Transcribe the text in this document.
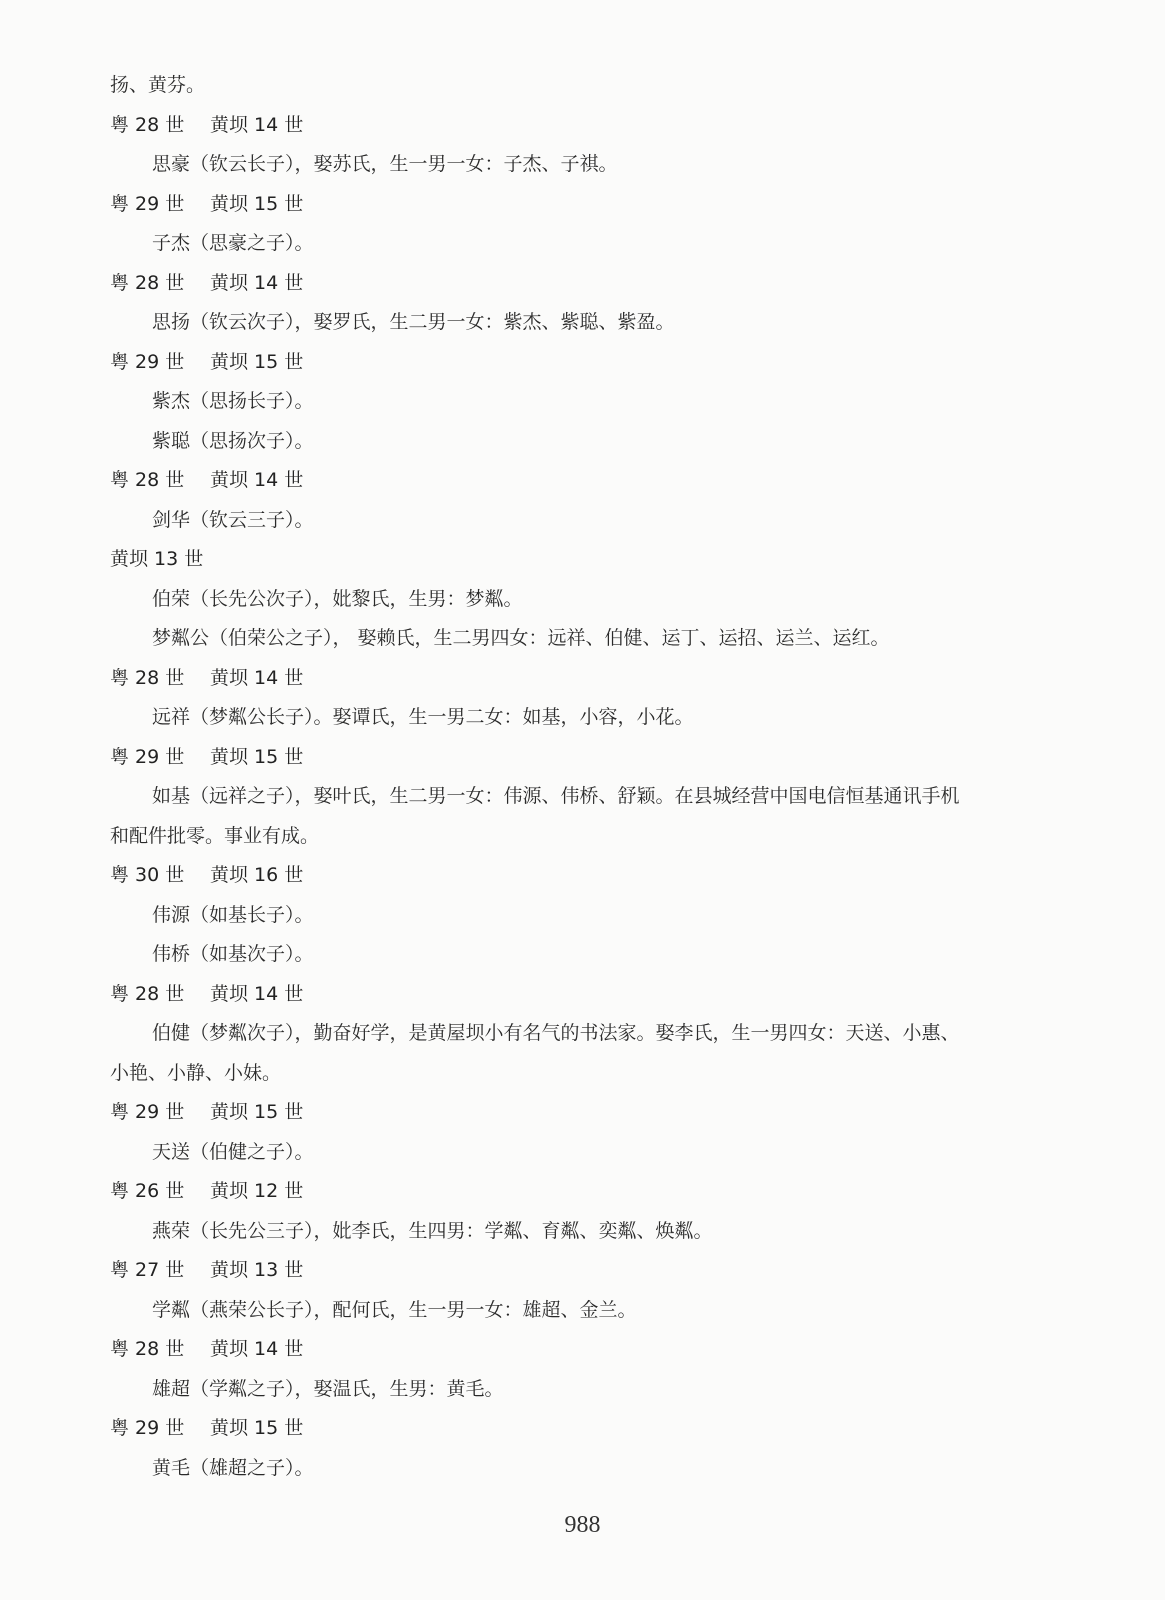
扬、黄芬。

粤 28 世 黄坝 14 世

思豪（钦云长子），娶苏氏，生一男一女：子杰、子祺。

粤 29 世 黄坝 15 世

子杰（思豪之子）。

粤 28 世 黄坝 14 世

思扬（钦云次子），娶罗氏，生二男一女：紫杰、紫聪、紫盈。

粤 29 世 黄坝 15 世

紫杰（思扬长子）。

紫聪（思扬次子）。

粤 28 世 黄坝 14 世

剑华（钦云三子）。

黄坝 13 世

伯荣（长先公次子），妣黎氏，生男：梦粼。

梦粼公（伯荣公之子）， 娶赖氏，生二男四女：远祥、伯健、运丁、运招、运兰、运红。

粤 28 世 黄坝 14 世

远祥（梦粼公长子）。娶谭氏，生一男二女：如基，小容，小花。

粤 29 世 黄坝 15 世

如基（远祥之子），娶叶氏，生二男一女：伟源、伟桥、舒颖。在县城经营中国电信恒基通讯手机

和配件批零。事业有成。

粤 30 世 黄坝 16 世

伟源（如基长子）。

伟桥（如基次子）。

粤 28 世 黄坝 14 世

伯健（梦粼次子），勤奋好学，是黄屋坝小有名气的书法家。娶李氏，生一男四女：天送、小惠、

小艳、小静、小妹。

粤 29 世 黄坝 15 世

天送（伯健之子）。

粤 26 世 黄坝 12 世

燕荣（长先公三子），妣李氏，生四男：学粼、育粼、奕粼、焕粼。

粤 27 世 黄坝 13 世

学粼（燕荣公长子），配何氏，生一男一女：雄超、金兰。

粤 28 世 黄坝 14 世

雄超（学粼之子），娶温氏，生男：黄毛。

粤 29 世 黄坝 15 世

黄毛（雄超之子）。

988
